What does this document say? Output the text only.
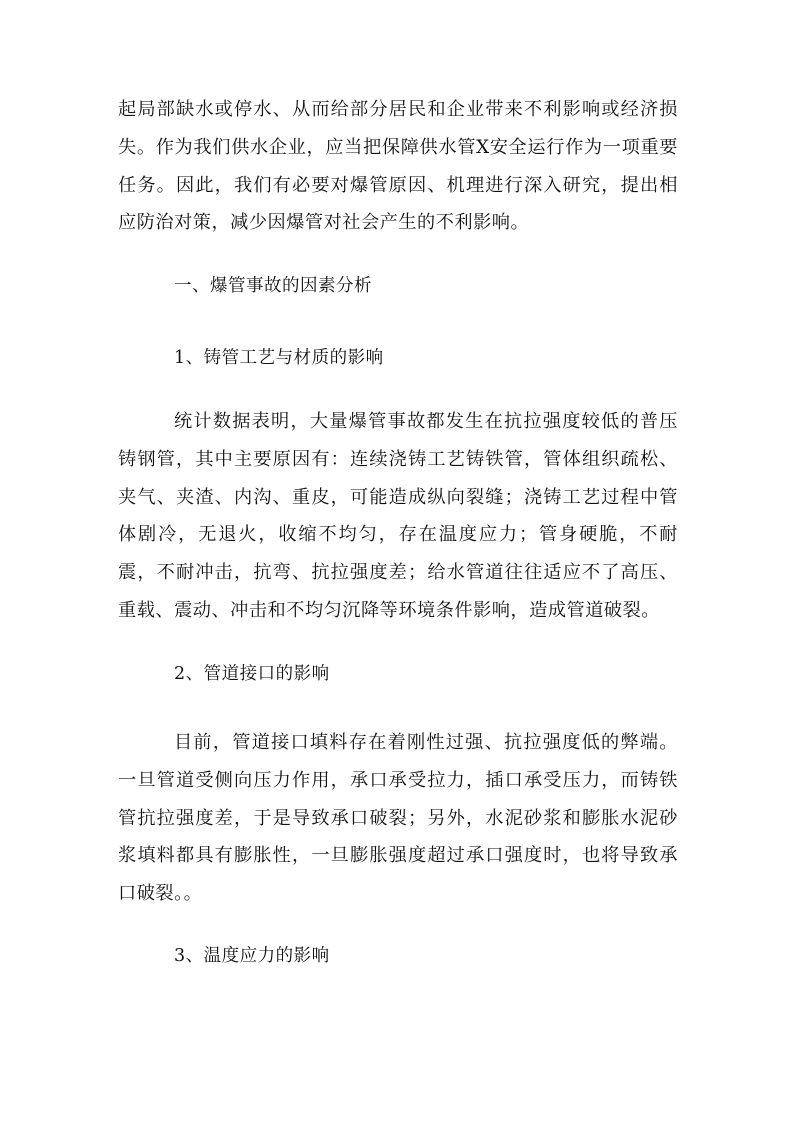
起局部缺水或停水、从而给部分居民和企业带来不利影响或经济损失。作为我们供水企业，应当把保障供水管X安全运行作为一项重要任务。因此，我们有必要对爆管原因、机理进行深入研究，提出相应防治对策，减少因爆管对社会产生的不利影响。

一、爆管事故的因素分析
1、铸管工艺与材质的影响

统计数据表明，大量爆管事故都发生在抗拉强度较低的普压铸钢管，其中主要原因有：连续浇铸工艺铸铁管，管体组织疏松、夹气、夹渣、内沟、重皮，可能造成纵向裂缝；浇铸工艺过程中管体剧冷，无退火，收缩不均匀，存在温度应力；管身硬脆，不耐震，不耐冲击，抗弯、抗拉强度差；给水管道往往适应不了高压、重载、震动、冲击和不均匀沉降等环境条件影响，造成管道破裂。

2、管道接口的影响

目前，管道接口填料存在着刚性过强、抗拉强度低的弊端。一旦管道受侧向压力作用，承口承受拉力，插口承受压力，而铸铁管抗拉强度差，于是导致承口破裂；另外，水泥砂浆和膨胀水泥砂浆填料都具有膨胀性，一旦膨胀强度超过承口强度时，也将导致承口破裂。。

3、温度应力的影响
